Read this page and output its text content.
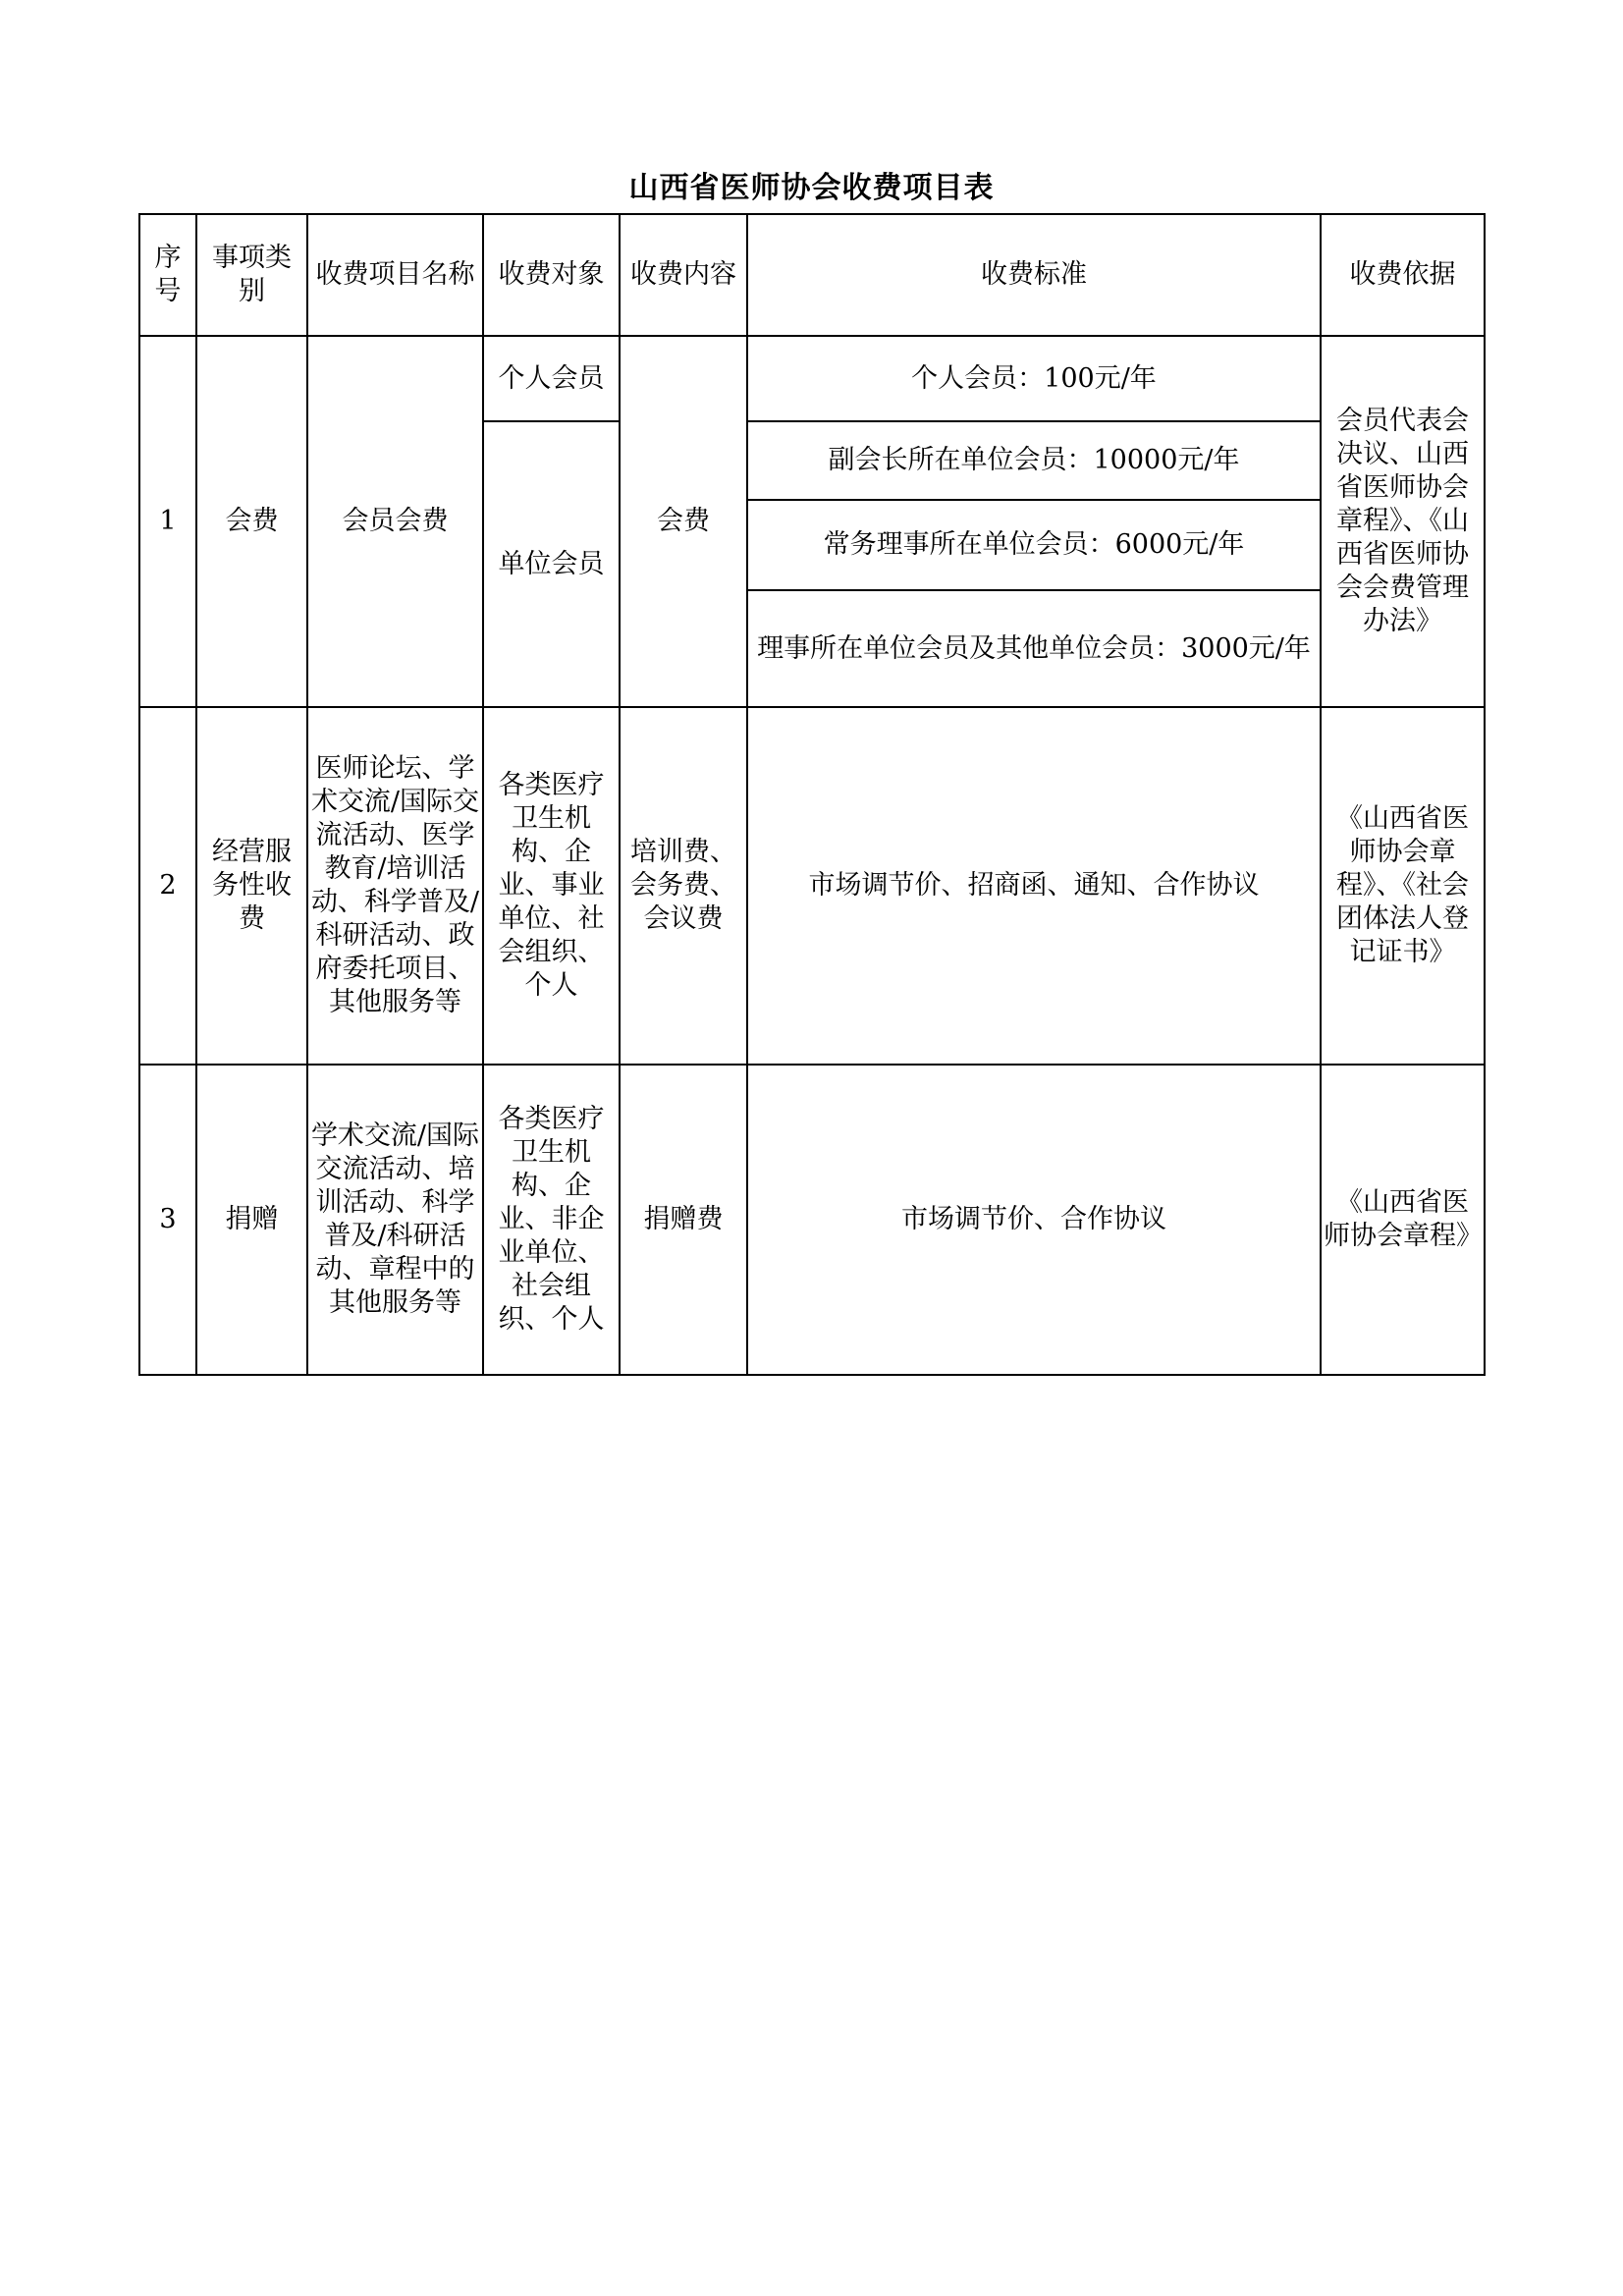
山西省医师协会收费项目表
序号	事项类别	收费项目名称	收费对象	收费内容	收费标准	收费依据
1	会费	会员会费	个人会员	会费	个人会员：100元/年	会员代表会决议、山西省医师协会章程》、《山西省医师协会会费管理办法》
			单位会员		副会长所在单位会员：10000元/年	
					常务理事所在单位会员：6000元/年	
					理事所在单位会员及其他单位会员：3000元/年	
2	经营服务性收费	医师论坛、学术交流/国际交流活动、医学教育/培训活动、科学普及/科研活动、政府委托项目、其他服务等	各类医疗卫生机构、企业、事业单位、社会组织、个人	培训费、会务费、会议费	市场调节价、招商函、通知、合作协议	《山西省医师协会章程》、《社会团体法人登记证书》
3	捐赠	学术交流/国际交流活动、培训活动、科学普及/科研活动、章程中的其他服务等	各类医疗卫生机构、企业、非企业单位、社会组织、个人	捐赠费	市场调节价、合作协议	《山西省医师协会章程》
